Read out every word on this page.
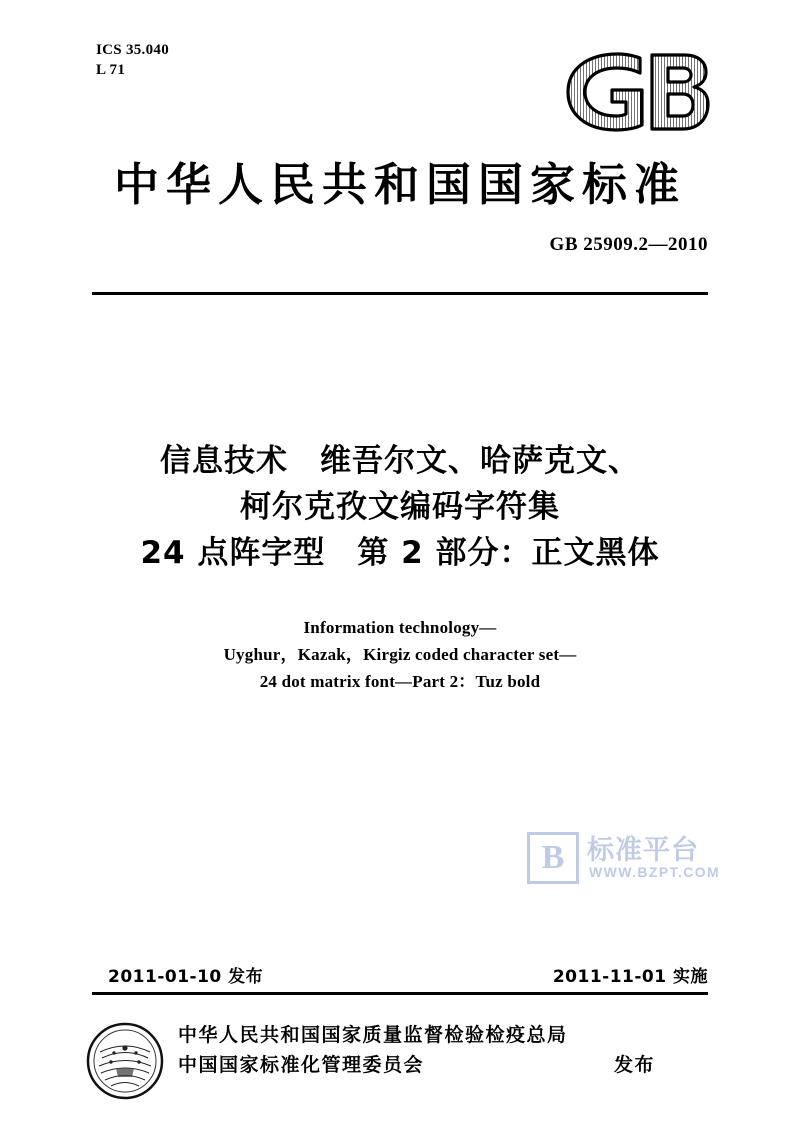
ICS 35.040
L 71
中华人民共和国国家标准
GB 25909.2—2010
信息技术　维吾尔文、哈萨克文、
柯尔克孜文编码字符集
24 点阵字型　第 2 部分：正文黑体
Information technology—
Uyghur，Kazak，Kirgiz coded character set—
24 dot matrix font—Part 2：Tuz bold
B 标准平台
WWW.BZPT.COM
2011-01-10 发布	2011-11-01 实施
中华人民共和国国家质量监督检验检疫总局
中国国家标准化管理委员会	发布
